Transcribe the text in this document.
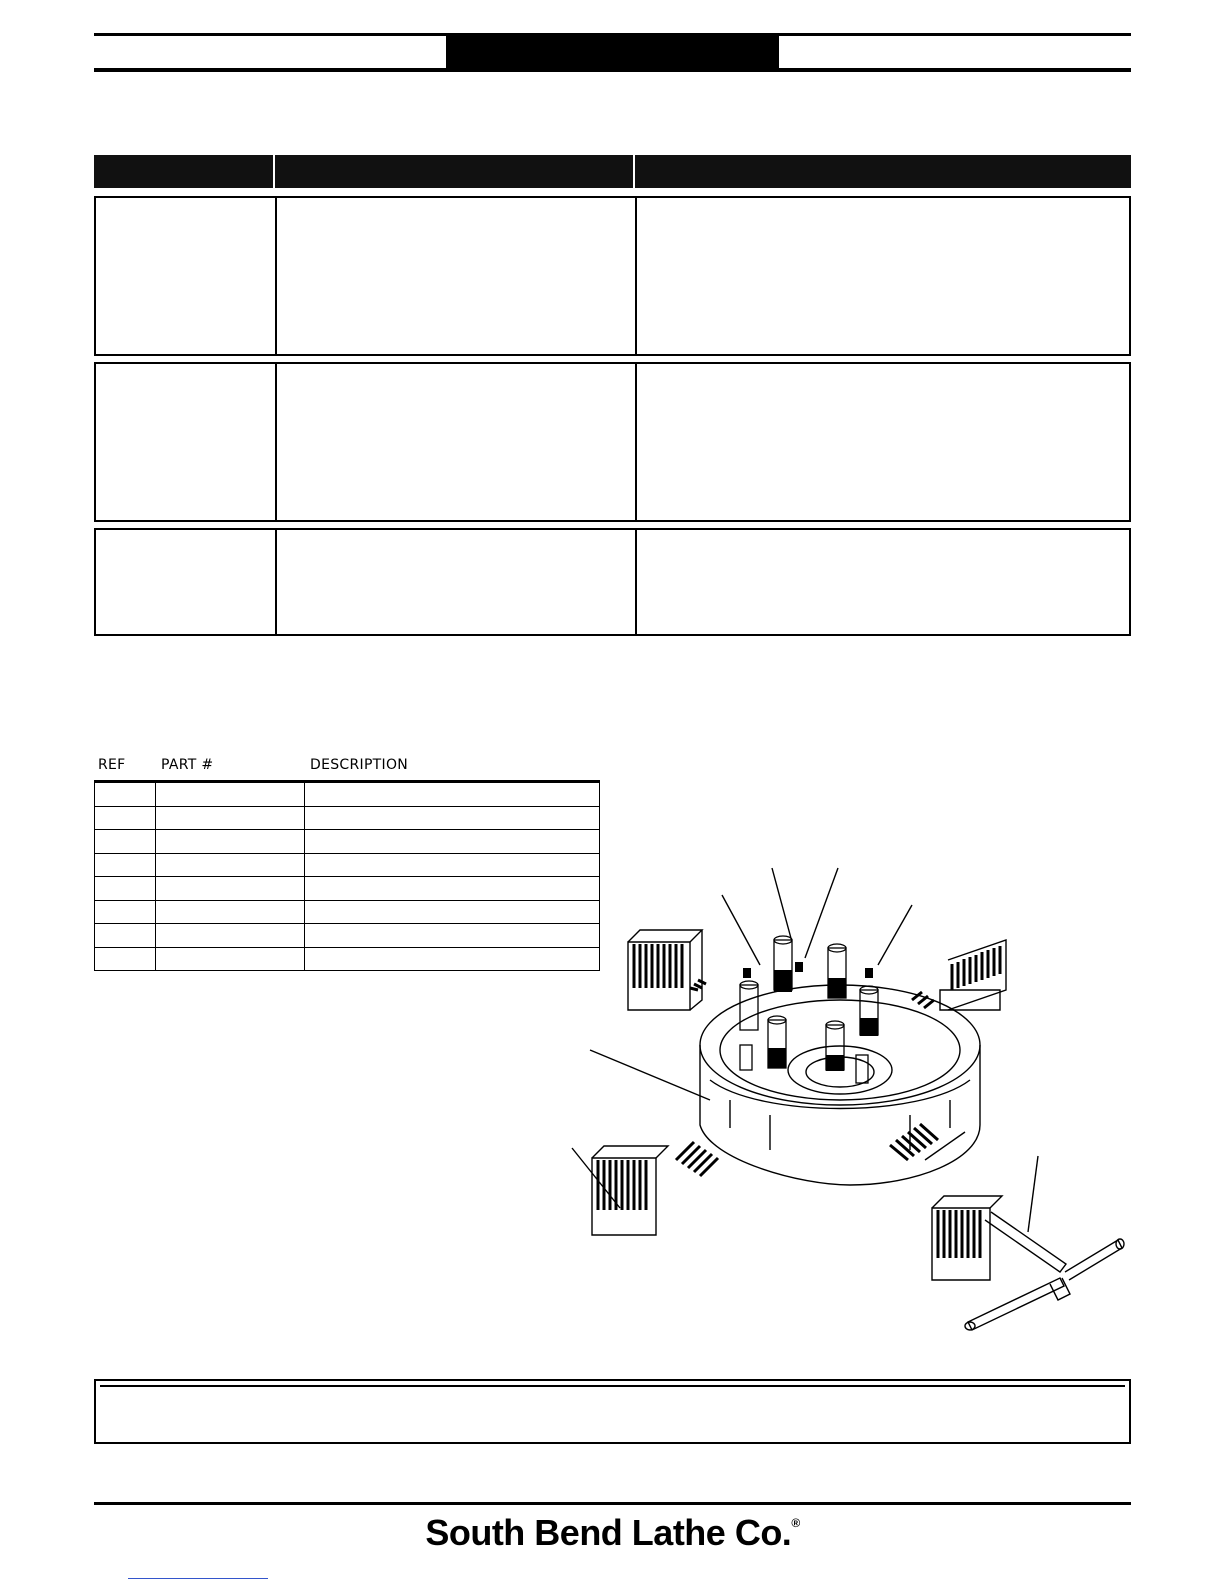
REF	PART #	DESCRIPTION

South Bend Lathe Co.®
